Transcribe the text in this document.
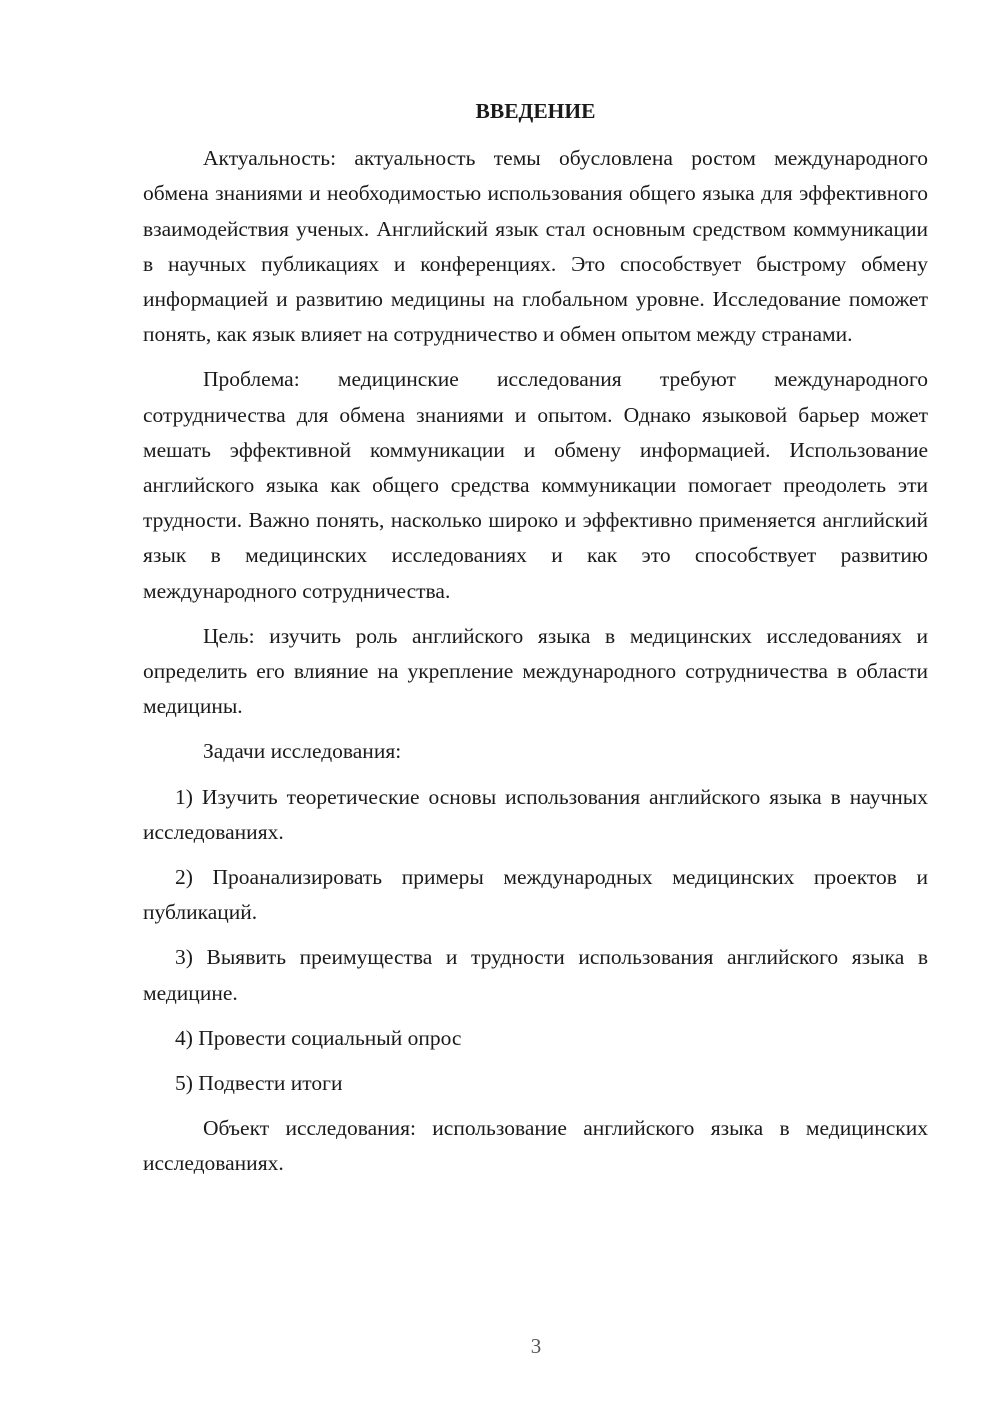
ВВЕДЕНИЕ

Актуальность: актуальность темы обусловлена ростом международного обмена знаниями и необходимостью использования общего языка для эффективного взаимодействия ученых. Английский язык стал основным средством коммуникации в научных публикациях и конференциях. Это способствует быстрому обмену информацией и развитию медицины на глобальном уровне. Исследование поможет понять, как язык влияет на сотрудничество и обмен опытом между странами.

Проблема: медицинские исследования требуют международного сотрудничества для обмена знаниями и опытом. Однако языковой барьер может мешать эффективной коммуникации и обмену информацией. Использование английского языка как общего средства коммуникации помогает преодолеть эти трудности. Важно понять, насколько широко и эффективно применяется английский язык в медицинских исследованиях и как это способствует развитию международного сотрудничества.

Цель: изучить роль английского языка в медицинских исследованиях и определить его влияние на укрепление международного сотрудничества в области медицины.

Задачи исследования:

1) Изучить теоретические основы использования английского языка в научных исследованиях.

2) Проанализировать примеры международных медицинских проектов и публикаций.

3) Выявить преимущества и трудности использования английского языка в медицине.

4) Провести социальный опрос

5) Подвести итоги

Объект исследования: использование английского языка в медицинских исследованиях.

3
